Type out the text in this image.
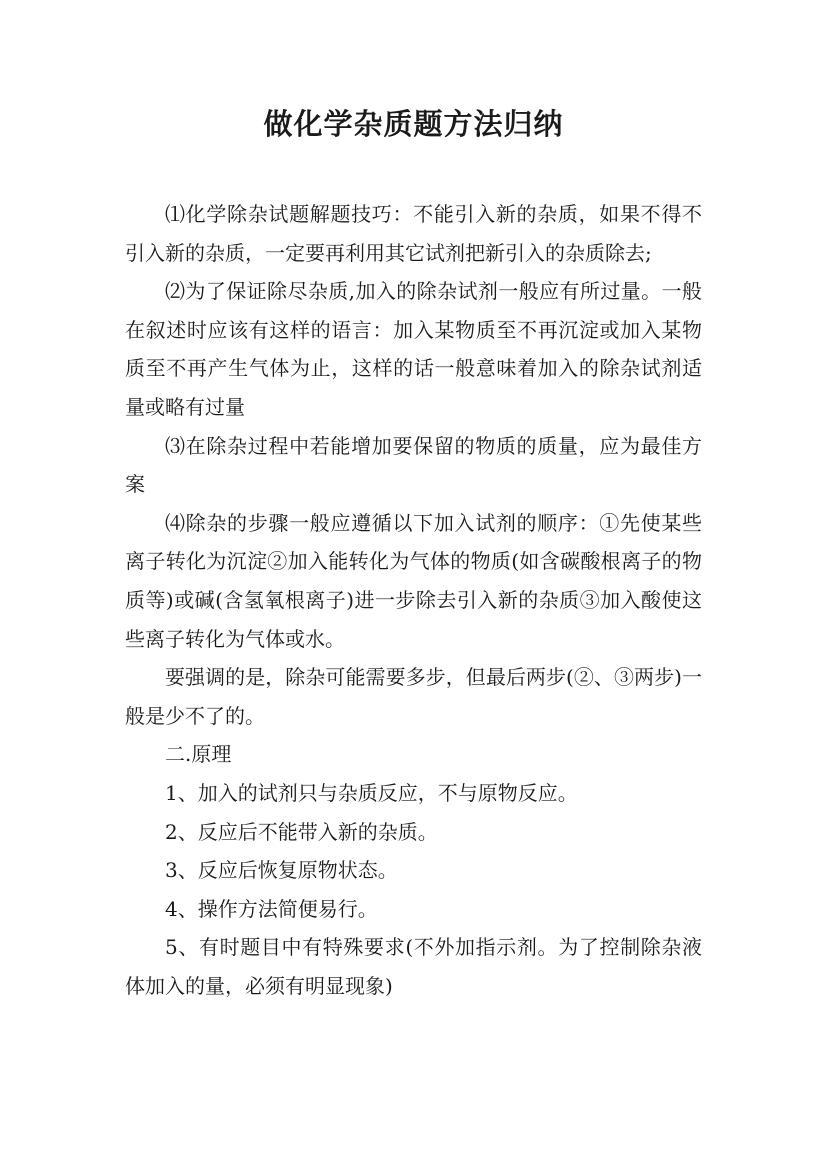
做化学杂质题方法归纳

⑴化学除杂试题解题技巧：不能引入新的杂质，如果不得不引入新的杂质，一定要再利用其它试剂把新引入的杂质除去;

⑵为了保证除尽杂质,加入的除杂试剂一般应有所过量。一般在叙述时应该有这样的语言：加入某物质至不再沉淀或加入某物质至不再产生气体为止，这样的话一般意味着加入的除杂试剂适量或略有过量

⑶在除杂过程中若能增加要保留的物质的质量，应为最佳方案

⑷除杂的步骤一般应遵循以下加入试剂的顺序：①先使某些离子转化为沉淀②加入能转化为气体的物质(如含碳酸根离子的物质等)或碱(含氢氧根离子)进一步除去引入新的杂质③加入酸使这些离子转化为气体或水。

要强调的是，除杂可能需要多步，但最后两步(②、③两步)一般是少不了的。

二.原理

1、加入的试剂只与杂质反应，不与原物反应。

2、反应后不能带入新的杂质。

3、反应后恢复原物状态。

4、操作方法简便易行。

5、有时题目中有特殊要求(不外加指示剂。为了控制除杂液体加入的量，必须有明显现象)
